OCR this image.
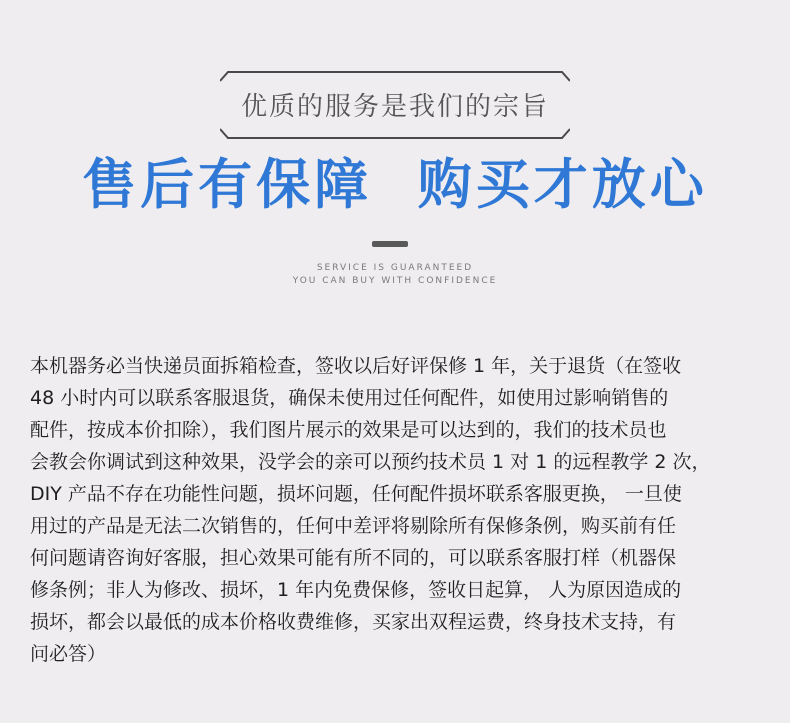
优质的服务是我们的宗旨
售后有保障  购买才放心
SERVICE IS GUARANTEED
YOU CAN BUY WITH CONFIDENCE
本机器务必当快递员面拆箱检查，签收以后好评保修 1 年，关于退货（在签收
48 小时内可以联系客服退货，确保未使用过任何配件，如使用过影响销售的
配件，按成本价扣除），我们图片展示的效果是可以达到的，我们的技术员也
会教会你调试到这种效果，没学会的亲可以预约技术员 1 对 1 的远程教学 2 次，
DIY 产品不存在功能性问题，损坏问题，任何配件损坏联系客服更换， 一旦使
用过的产品是无法二次销售的，任何中差评将剔除所有保修条例，购买前有任
何问题请咨询好客服，担心效果可能有所不同的，可以联系客服打样（机器保
修条例；非人为修改、损坏，1 年内免费保修，签收日起算， 人为原因造成的
损坏，都会以最低的成本价格收费维修，买家出双程运费，终身技术支持，有
问必答）
